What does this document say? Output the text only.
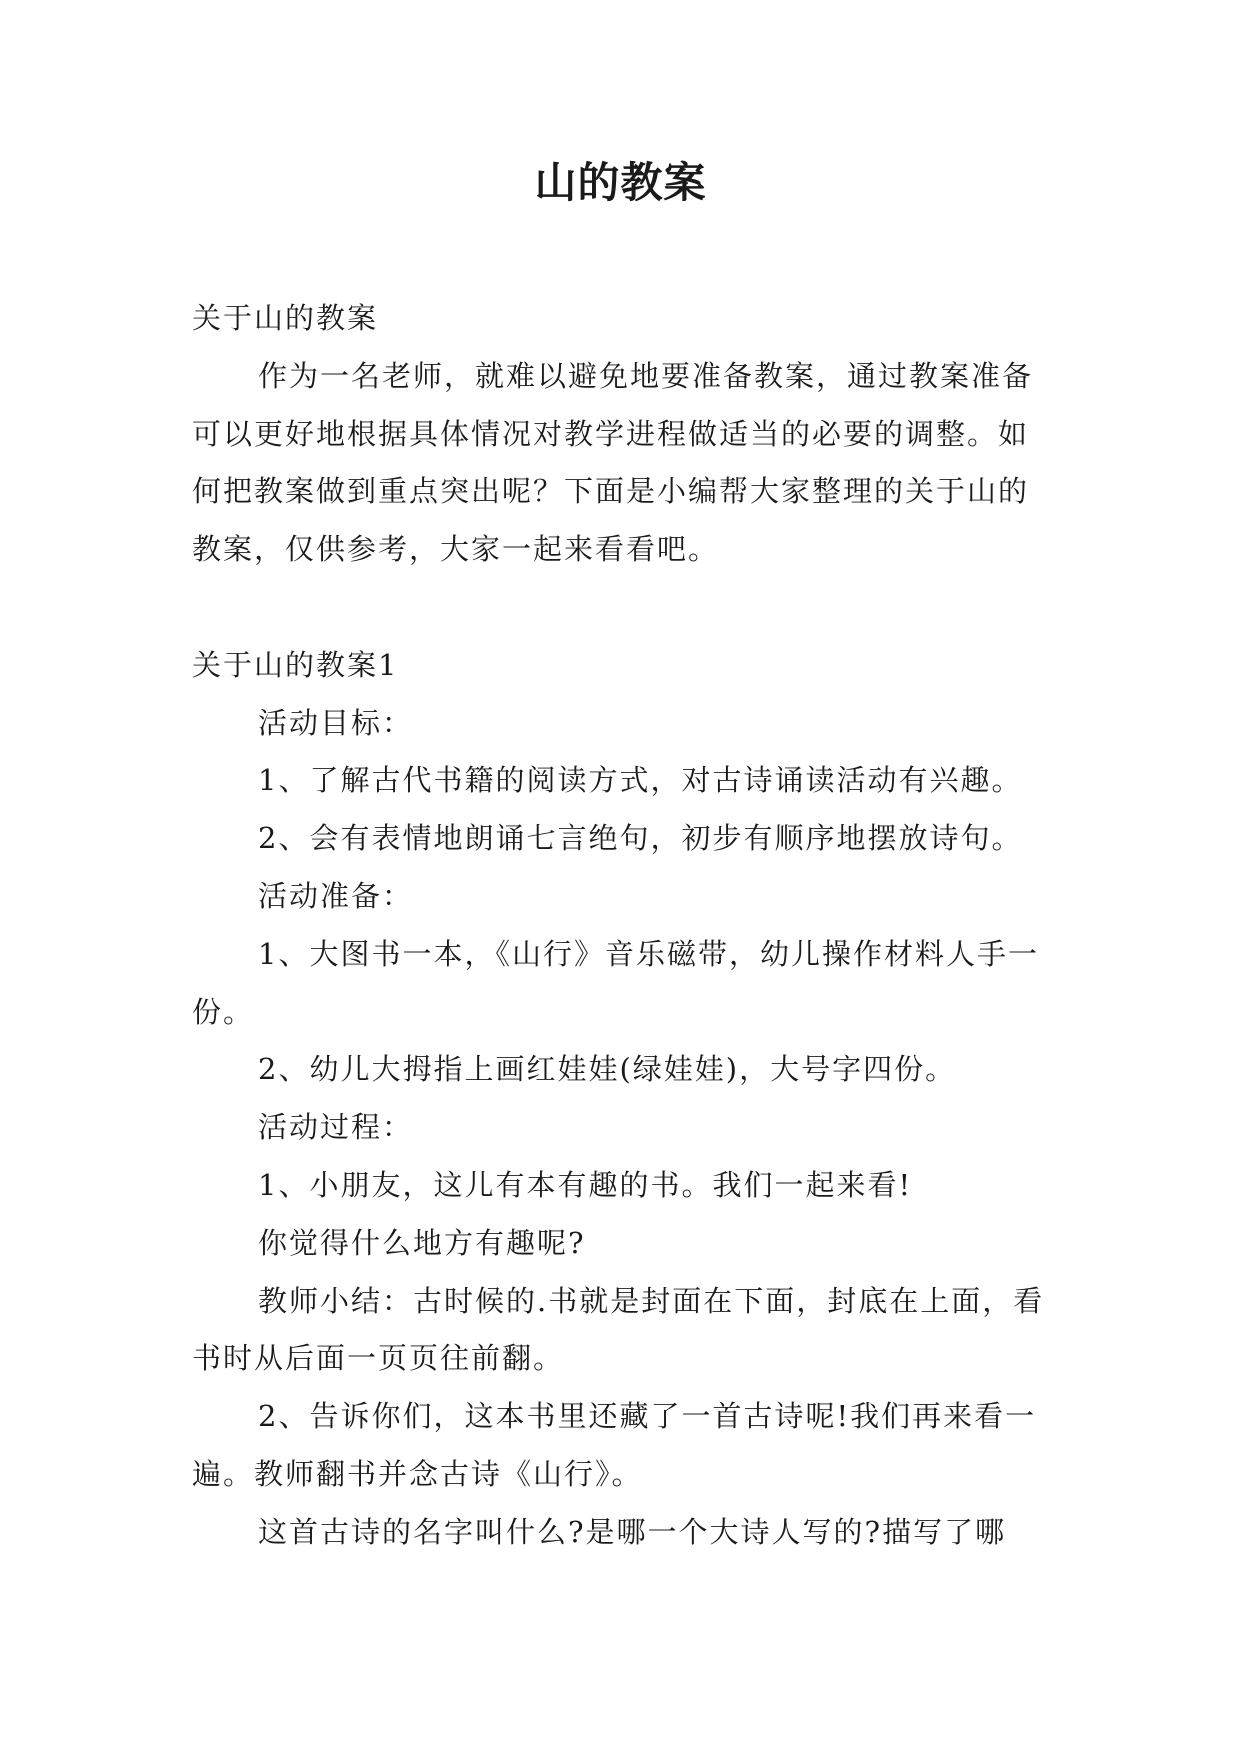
山的教案

关于山的教案

作为一名老师，就难以避免地要准备教案，通过教案准备可以更好地根据具体情况对教学进程做适当的必要的调整。如何把教案做到重点突出呢？下面是小编帮大家整理的关于山的教案，仅供参考，大家一起来看看吧。

关于山的教案1

活动目标：

1、了解古代书籍的阅读方式，对古诗诵读活动有兴趣。

2、会有表情地朗诵七言绝句，初步有顺序地摆放诗句。

活动准备：

1、大图书一本，《山行》音乐磁带，幼儿操作材料人手一份。

2、幼儿大拇指上画红娃娃(绿娃娃)，大号字四份。

活动过程：

1、小朋友，这儿有本有趣的书。我们一起来看!

你觉得什么地方有趣呢?

教师小结：古时候的.书就是封面在下面，封底在上面，看书时从后面一页页往前翻。

2、告诉你们，这本书里还藏了一首古诗呢!我们再来看一遍。教师翻书并念古诗《山行》。

这首古诗的名字叫什么?是哪一个大诗人写的?描写了哪
